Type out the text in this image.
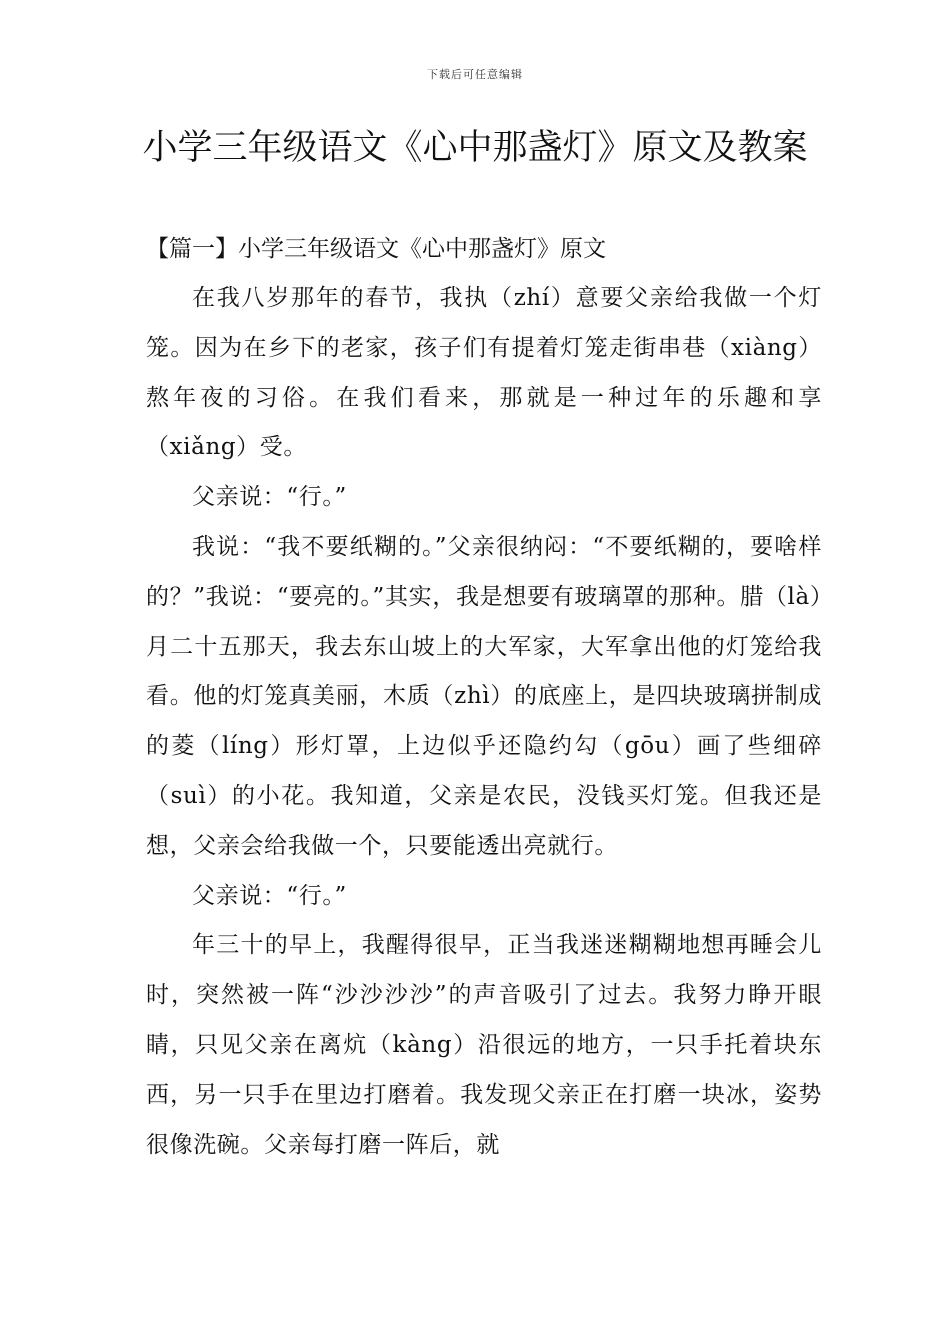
下载后可任意编辑
小学三年级语文《心中那盏灯》原文及教案
【篇一】小学三年级语文《心中那盏灯》原文

在我八岁那年的春节，我执（zhí）意要父亲给我做一个灯笼。因为在乡下的老家，孩子们有提着灯笼走街串巷（xiàng）熬年夜的习俗。在我们看来，那就是一种过年的乐趣和享（xiǎng）受。

父亲说：“行。”

我说：“我不要纸糊的。”父亲很纳闷：“不要纸糊的，要啥样的？”我说：“要亮的。”其实，我是想要有玻璃罩的那种。腊（là）月二十五那天，我去东山坡上的大军家，大军拿出他的灯笼给我看。他的灯笼真美丽，木质（zhì）的底座上，是四块玻璃拼制成的菱（líng）形灯罩，上边似乎还隐约勾（gōu）画了些细碎（suì）的小花。我知道，父亲是农民，没钱买灯笼。但我还是想，父亲会给我做一个，只要能透出亮就行。

父亲说：“行。”

年三十的早上，我醒得很早，正当我迷迷糊糊地想再睡会儿时，突然被一阵“沙沙沙沙”的声音吸引了过去。我努力睁开眼睛，只见父亲在离炕（kàng）沿很远的地方，一只手托着块东西，另一只手在里边打磨着。我发现父亲正在打磨一块冰，姿势很像洗碗。父亲每打磨一阵后，就
